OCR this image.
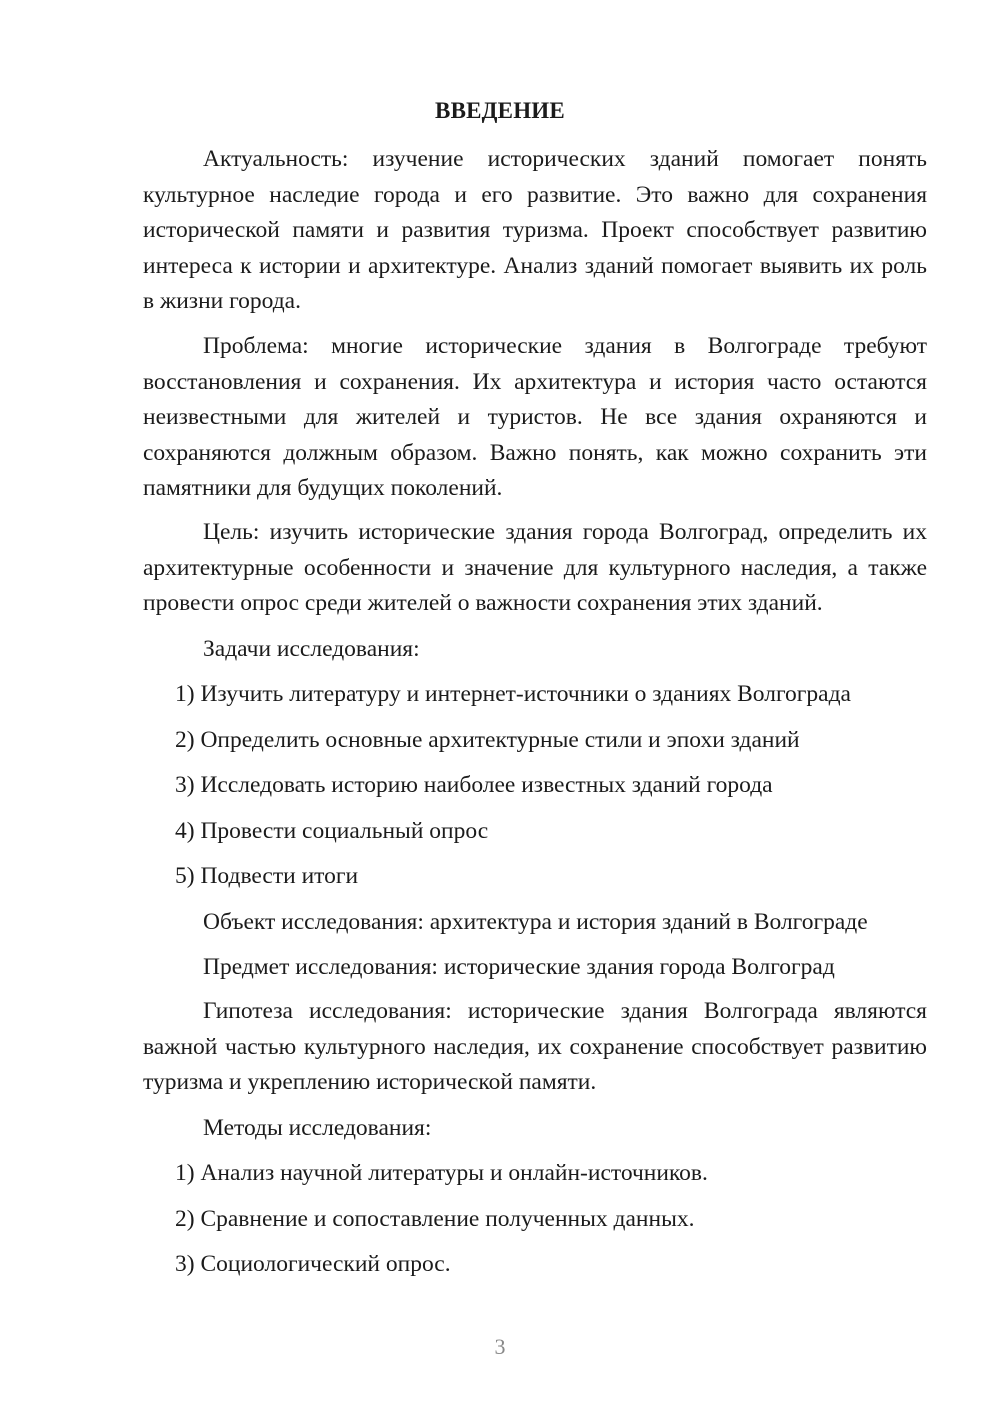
ВВЕДЕНИЕ

Актуальность: изучение исторических зданий помогает понять культурное наследие города и его развитие. Это важно для сохранения исторической памяти и развития туризма. Проект способствует развитию интереса к истории и архитектуре. Анализ зданий помогает выявить их роль в жизни города.

Проблема: многие исторические здания в Волгограде требуют восстановления и сохранения. Их архитектура и история часто остаются неизвестными для жителей и туристов. Не все здания охраняются и сохраняются должным образом. Важно понять, как можно сохранить эти памятники для будущих поколений.

Цель: изучить исторические здания города Волгоград, определить их архитектурные особенности и значение для культурного наследия, а также провести опрос среди жителей о важности сохранения этих зданий.

Задачи исследования:

1) Изучить литературу и интернет-источники о зданиях Волгограда

2) Определить основные архитектурные стили и эпохи зданий

3) Исследовать историю наиболее известных зданий города

4) Провести социальный опрос

5) Подвести итоги

Объект исследования: архитектура и история зданий в Волгограде

Предмет исследования: исторические здания города Волгоград

Гипотеза исследования: исторические здания Волгограда являются важной частью культурного наследия, их сохранение способствует развитию туризма и укреплению исторической памяти.

Методы исследования:

1) Анализ научной литературы и онлайн-источников.

2) Сравнение и сопоставление полученных данных.

3) Социологический опрос.

3
